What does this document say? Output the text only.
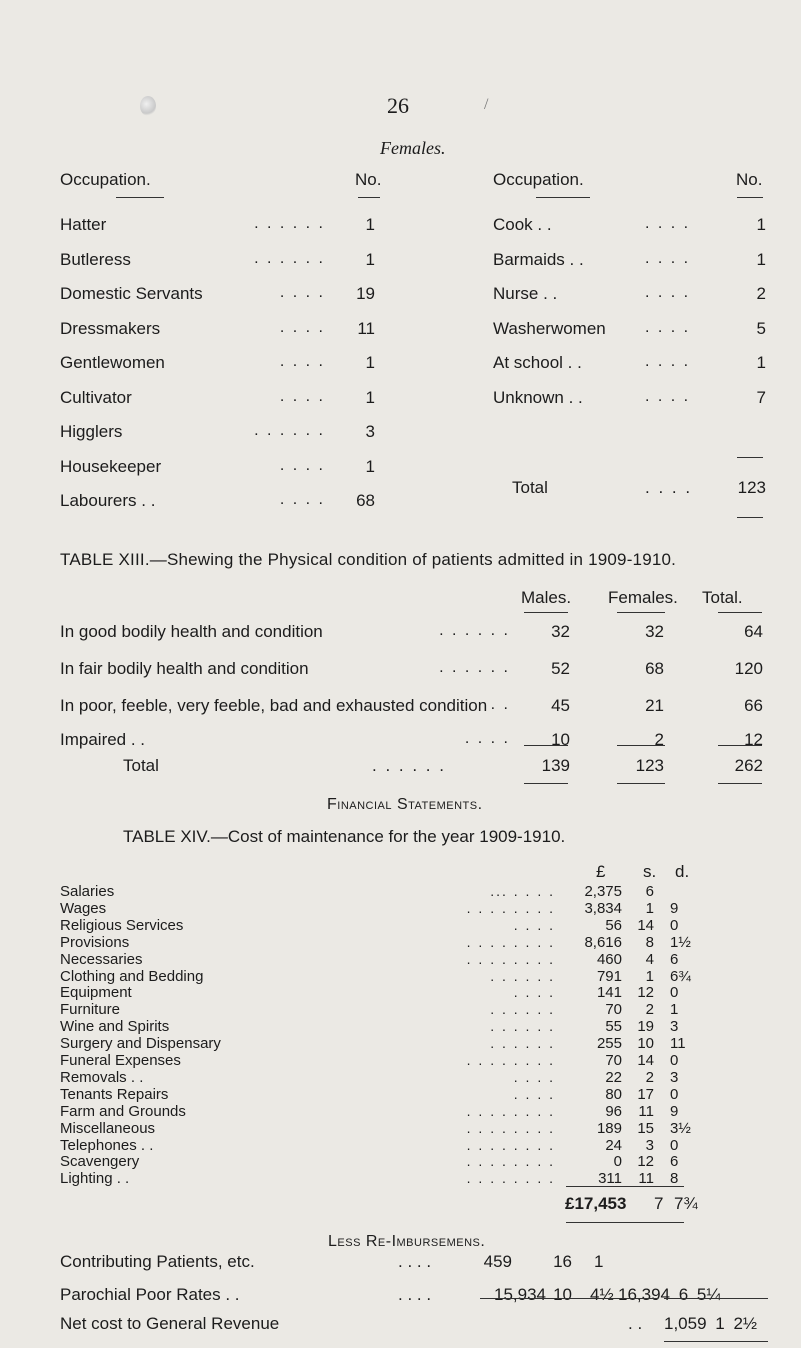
26	/
Females.
Occupation.	No.	Occupation.	No.
Hatter	. . . . . .	1
Butleress	. . . . . .	1
Domestic Servants	. . . .	19
Dressmakers	. . . .	11
Gentlewomen	. . . .	1
Cultivator	. . . .	1
Higglers	. . . . . .	3
Housekeeper	. . . .	1
Labourers . .	. . . .	68
Cook . .	. . . .	1
Barmaids . .	. . . .	1
Nurse . .	. . . .	2
Washerwomen . . . .	5
At school . .	. . . .	1
Unknown . .	. . . .	7
Total	. . . .	123
TABLE XIII.—Shewing the Physical condition of patients admitted in 1909-1910.
Males. Females. Total.
In good bodily health and condition	. . . . . .	32	32	64
In fair bodily health and condition	. . . . . .	52	68	120
In poor, feeble, very feeble, bad and exhausted condition . .	45	21	66
Impaired . .	. . . .	10	2	12
Total	. . . . . .	139	123	262
Financial Statements.
TABLE XIV.—Cost of maintenance for the year 1909-1910.
£ s. d.
Salaries	... . . . .	2,375	6
Wages	. . . . . . . .	3,834	1 9
Religious Services	. . . .	56	14 0
Provisions	. . . . . . . .	8,616	8 1½
Necessaries	. . . . . . . .	460	4 6
Clothing and Bedding	. . . . . .	791	1 6¾
Equipment	. . . .	141	12 0
Furniture	. . . . . .	70	2 1
Wine and Spirits	. . . . . .	55	19 3
Surgery and Dispensary	. . . . . .	255	10 11
Funeral Expenses	. . . . . . . .	70	14 0
Removals . .	. . . .	22	2 3
Tenants Repairs	. . . .	80	17 0
Farm and Grounds	. . . . . . . .	96	11 9
Miscellaneous	. . . . . . . .	189	15 3½
Telephones . .	. . . . . . . .	24	3 0
Scavengery	. . . . . . . .	0	12 6
Lighting . .	. . . . . . . .	311	11 8
£17,453 7 7¾
Less Re-Imbursemens.
Contributing Patients, etc.	. . . .	459 16 1
Parochial Poor Rates . .	. . . .	15,934 10 4½ 16,394 6 5¼
Net cost to General Revenue	. . 1,059 1 2½
